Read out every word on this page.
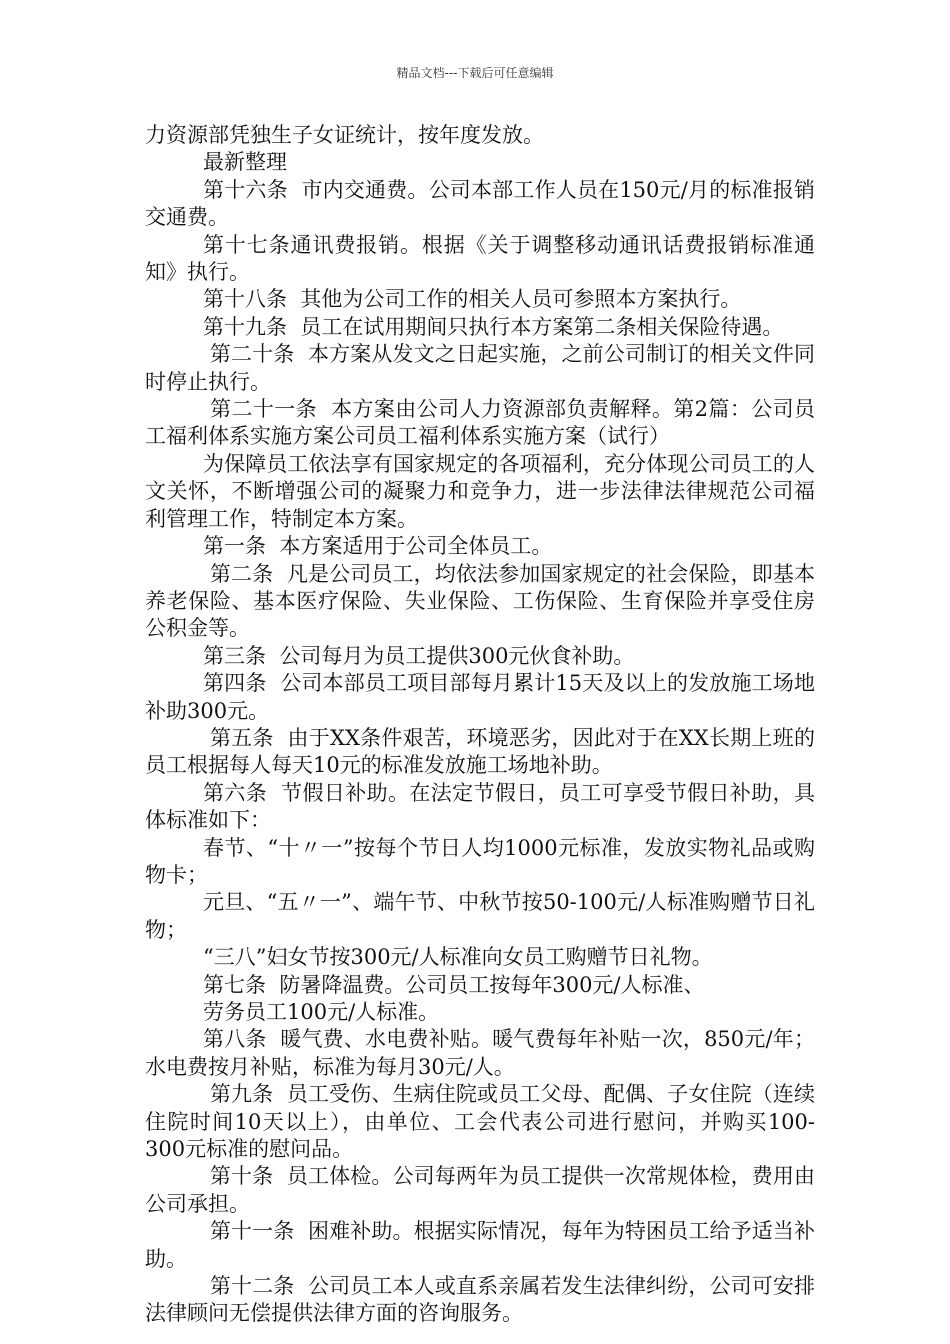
精品文档---下载后可任意编辑

力资源部凭独生子女证统计，按年度发放。

最新整理

第十六条  市内交通费。公司本部工作人员在150元/月的标准报销交通费。

第十七条通讯费报销。根据《关于调整移动通讯话费报销标准通知》执行。

第十八条  其他为公司工作的相关人员可参照本方案执行。

第十九条  员工在试用期间只执行本方案第二条相关保险待遇。

第二十条  本方案从发文之日起实施，之前公司制订的相关文件同时停止执行。

第二十一条  本方案由公司人力资源部负责解释。第2篇：公司员工福利体系实施方案公司员工福利体系实施方案（试行）

为保障员工依法享有国家规定的各项福利，充分体现公司员工的人文关怀，不断增强公司的凝聚力和竞争力，进一步法律法律规范公司福利管理工作，特制定本方案。

第一条  本方案适用于公司全体员工。

第二条  凡是公司员工，均依法参加国家规定的社会保险，即基本养老保险、基本医疗保险、失业保险、工伤保险、生育保险并享受住房公积金等。

第三条  公司每月为员工提供300元伙食补助。

第四条  公司本部员工项目部每月累计15天及以上的发放施工场地补助300元。

第五条  由于XX条件艰苦，环境恶劣，因此对于在XX长期上班的员工根据每人每天10元的标准发放施工场地补助。

第六条  节假日补助。在法定节假日，员工可享受节假日补助，具体标准如下：

春节、“十〃一”按每个节日人均1000元标准，发放实物礼品或购物卡；

元旦、“五〃一”、端午节、中秋节按50-100元/人标准购赠节日礼物；

“三八”妇女节按300元/人标准向女员工购赠节日礼物。

第七条  防暑降温费。公司员工按每年300元/人标准、

劳务员工100元/人标准。

第八条  暖气费、水电费补贴。暖气费每年补贴一次，850元/年；水电费按月补贴，标准为每月30元/人。

第九条  员工受伤、生病住院或员工父母、配偶、子女住院（连续住院时间10天以上），由单位、工会代表公司进行慰问，并购买100-300元标准的慰问品。

第十条  员工体检。公司每两年为员工提供一次常规体检，费用由公司承担。

第十一条  困难补助。根据实际情况，每年为特困员工给予适当补助。

第十二条  公司员工本人或直系亲属若发生法律纠纷，公司可安排法律顾问无偿提供法律方面的咨询服务。
